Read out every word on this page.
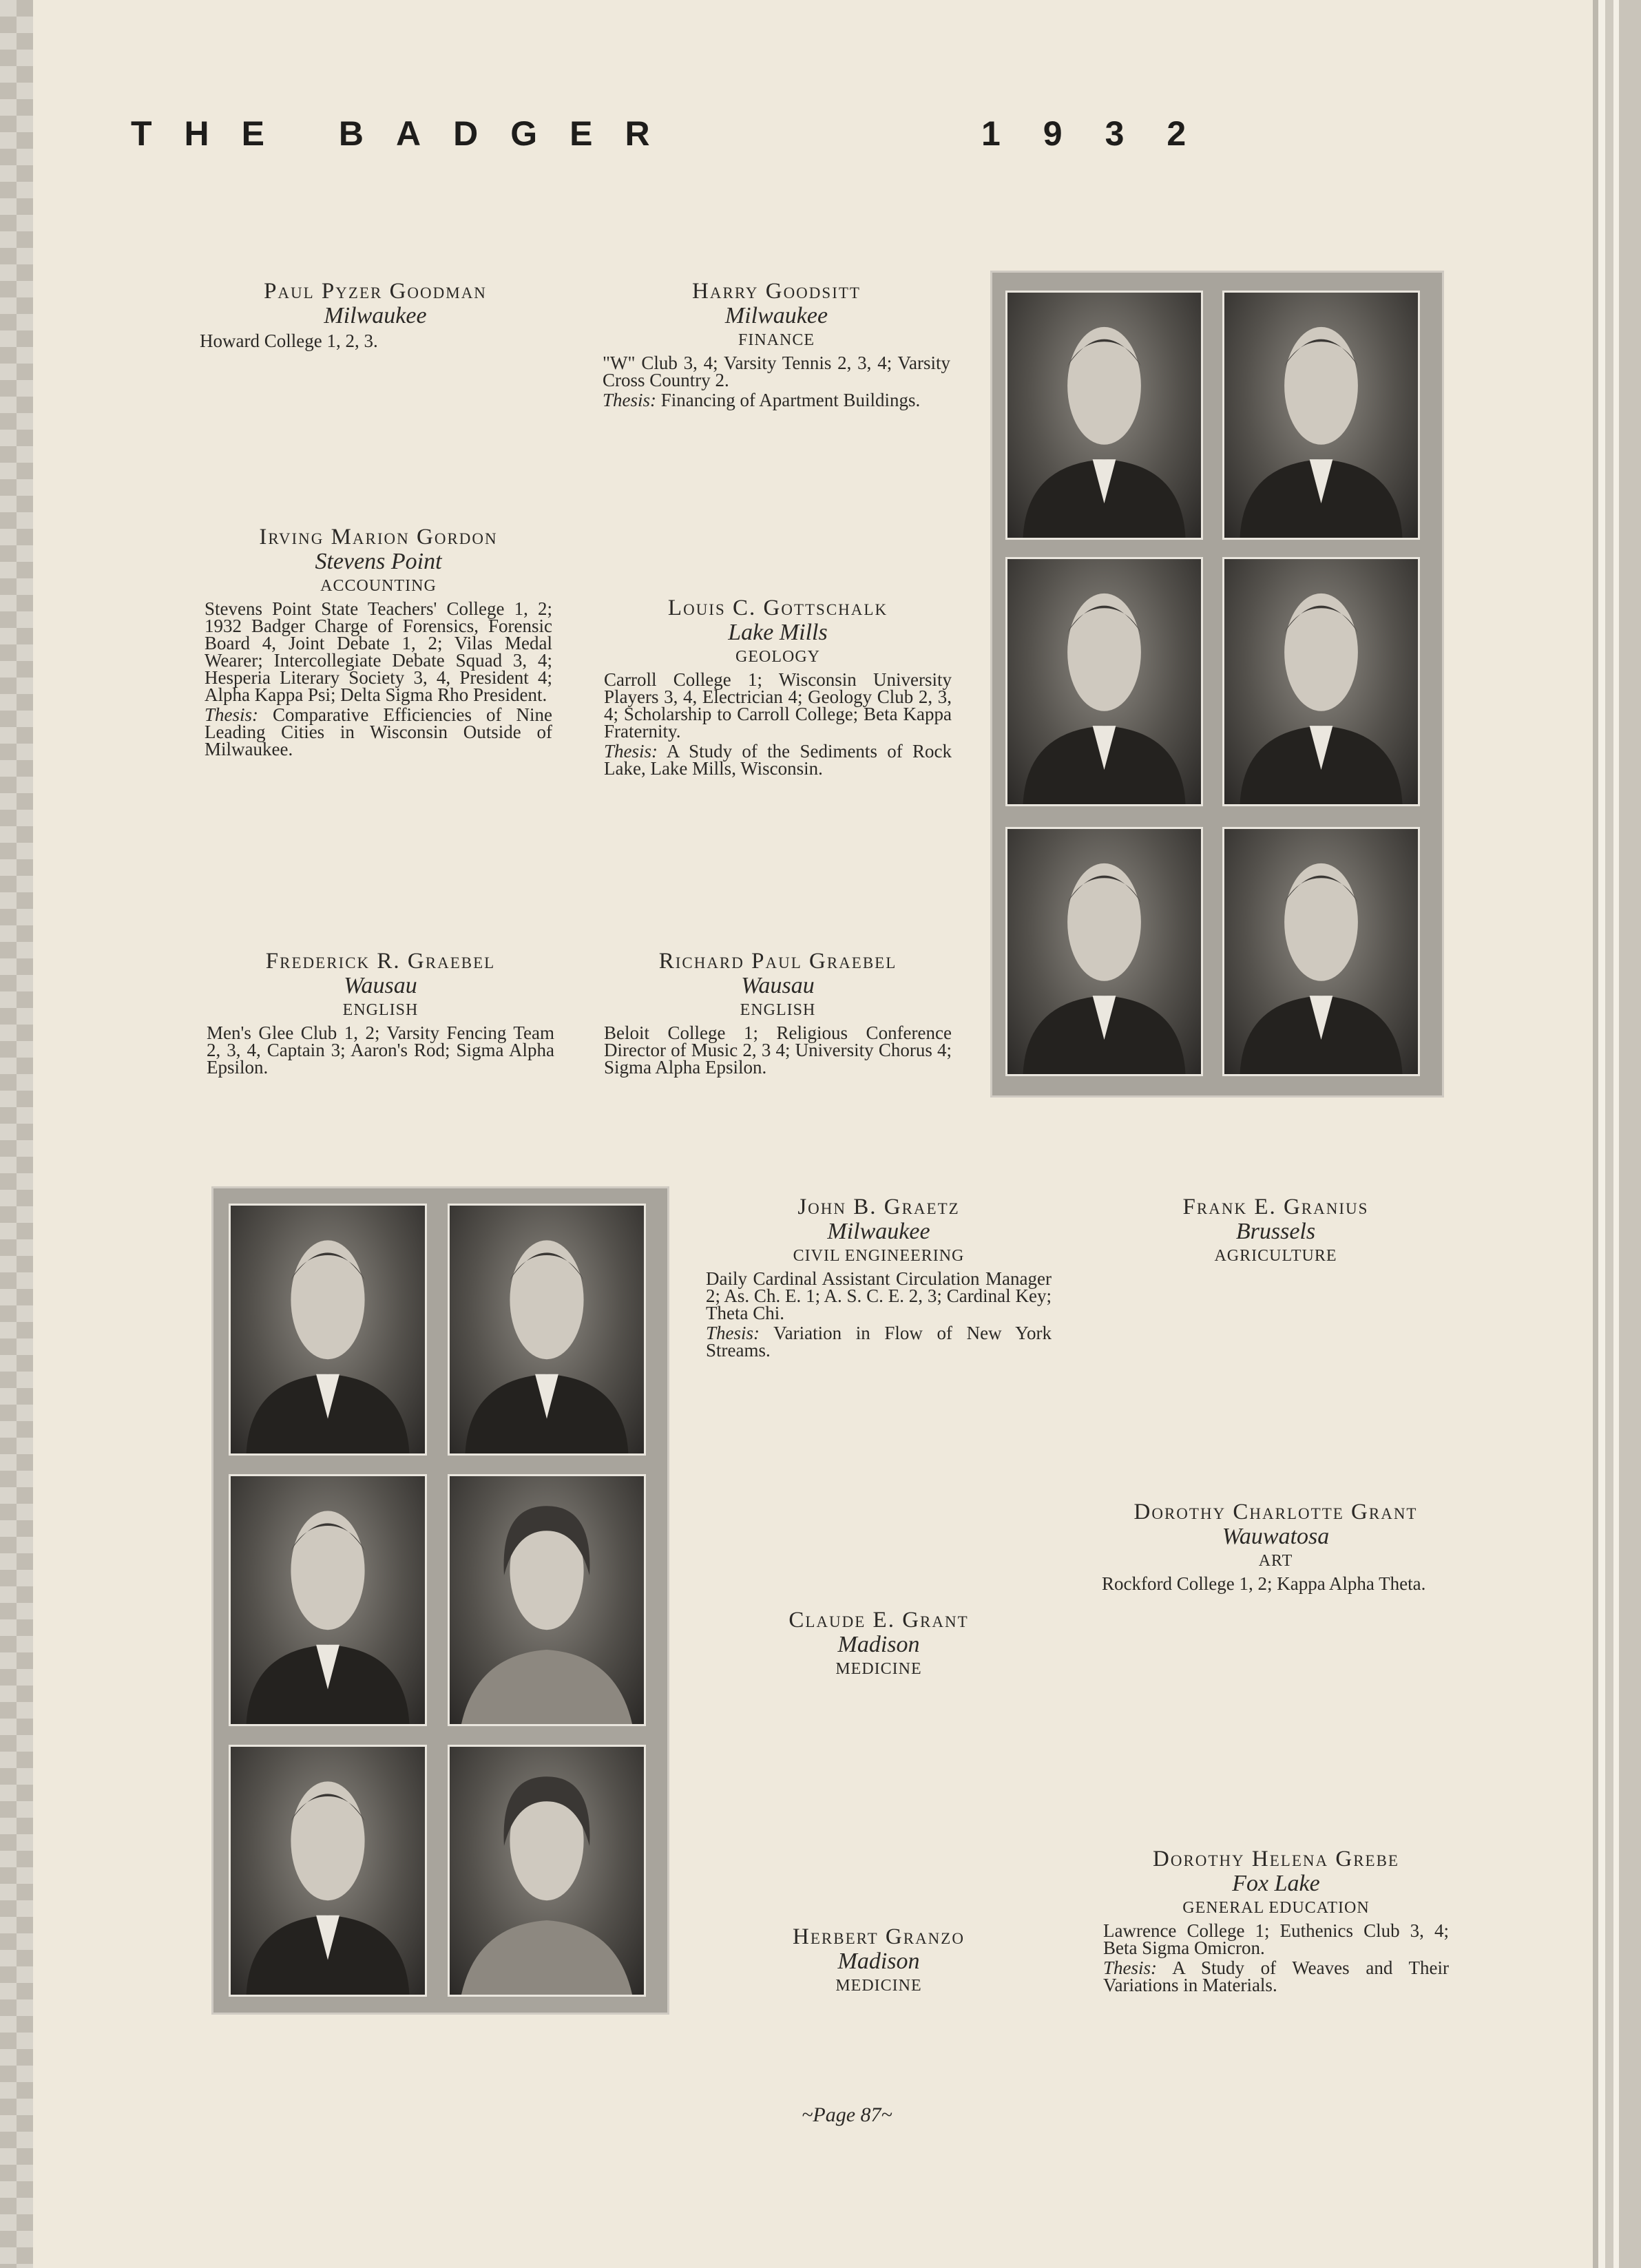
THE BADGER	1932
Paul Pyzer Goodman
Milwaukee
Howard College 1, 2, 3.
Harry Goodsitt
Milwaukee
FINANCE
"W" Club 3, 4; Varsity Tennis 2, 3, 4; Varsity Cross Country 2.
Thesis: Financing of Apartment Buildings.
Irving Marion Gordon
Stevens Point
ACCOUNTING
Stevens Point State Teachers' College 1, 2; 1932 Badger Charge of Forensics, Forensic Board 4, Joint Debate 1, 2; Vilas Medal Wearer; Intercollegiate Debate Squad 3, 4; Hesperia Literary Society 3, 4, President 4; Alpha Kappa Psi; Delta Sigma Rho President.
Thesis: Comparative Efficiencies of Nine Leading Cities in Wisconsin Outside of Milwaukee.
Louis C. Gottschalk
Lake Mills
GEOLOGY
Carroll College 1; Wisconsin University Players 3, 4, Electrician 4; Geology Club 2, 3, 4; Scholarship to Carroll College; Beta Kappa Fraternity.
Thesis: A Study of the Sediments of Rock Lake, Lake Mills, Wisconsin.
Frederick R. Graebel
Wausau
ENGLISH
Men's Glee Club 1, 2; Varsity Fencing Team 2, 3, 4, Captain 3; Aaron's Rod; Sigma Alpha Epsilon.
Richard Paul Graebel
Wausau
ENGLISH
Beloit College 1; Religious Conference Director of Music 2, 3 4; University Chorus 4; Sigma Alpha Epsilon.
John B. Graetz
Milwaukee
CIVIL ENGINEERING
Daily Cardinal Assistant Circulation Manager 2; As. Ch. E. 1; A. S. C. E. 2, 3; Cardinal Key; Theta Chi.
Thesis: Variation in Flow of New York Streams.
Frank E. Granius
Brussels
AGRICULTURE
Dorothy Charlotte Grant
Wauwatosa
ART
Rockford College 1, 2; Kappa Alpha Theta.
Claude E. Grant
Madison
MEDICINE
Dorothy Helena Grebe
Fox Lake
GENERAL EDUCATION
Lawrence College 1; Euthenics Club 3, 4; Beta Sigma Omicron.
Thesis: A Study of Weaves and Their Variations in Materials.
Herbert Granzo
Madison
MEDICINE
~Page 87~
